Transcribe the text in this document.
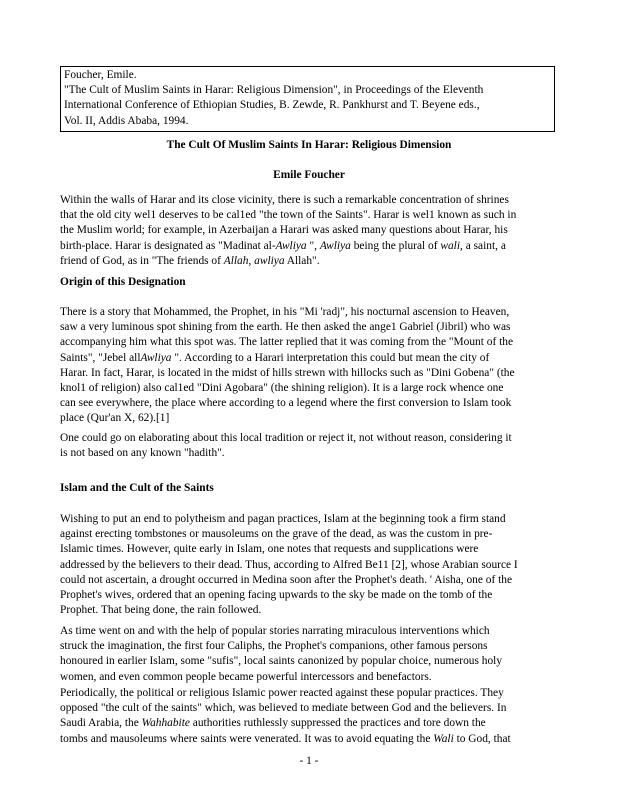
Foucher, Emile.
"The Cult of Muslim Saints in Harar: Religious Dimension", in Proceedings of the Eleventh
International Conference of Ethiopian Studies, B. Zewde, R. Pankhurst and T. Beyene eds.,
Vol. II, Addis Ababa, 1994.
The Cult Of Muslim Saints In Harar: Religious Dimension
Emile Foucher
Within the walls of Harar and its close vicinity, there is such a remarkable concentration of shrines
that the old city wel1 deserves to be cal1ed "the town of the Saints". Harar is wel1 known as such in
the Muslim world; for example, in Azerbaijan a Harari was asked many questions about Harar, his
birth-place. Harar is designated as "Madinat al-Awliya ", Awliya being the plural of wali, a saint, a
friend of God, as in "The friends of Allah, awliya Allah".
Origin of this Designation
There is a story that Mohammed, the Prophet, in his "Mi 'radj", his nocturnal ascension to Heaven,
saw a very luminous spot shining from the earth. He then asked the ange1 Gabriel (Jibril) who was
accompanying him what this spot was. The latter replied that it was coming from the "Mount of the
Saints", "Jebel allAwliya ". According to a Harari interpretation this could but mean the city of
Harar. In fact, Harar, is located in the midst of hills strewn with hillocks such as "Dini Gobena" (the
knol1 of religion) also cal1ed "Dini Agobara" (the shining religion). It is a large rock whence one
can see everywhere, the place where according to a legend where the first conversion to Islam took
place (Qur'an X, 62).[1]
One could go on elaborating about this local tradition or reject it, not without reason, considering it
is not based on any known "hadith".
Islam and the Cult of the Saints
Wishing to put an end to polytheism and pagan practices, Islam at the beginning took a firm stand
against erecting tombstones or mausoleums on the grave of the dead, as was the custom in pre-
Islamic times. However, quite early in Islam, one notes that requests and supplications were
addressed by the believers to their dead. Thus, according to Alfred Be11 [2], whose Arabian source I
could not ascertain, a drought occurred in Medina soon after the Prophet's death. ' Aisha, one of the
Prophet's wives, ordered that an opening facing upwards to the sky be made on the tomb of the
Prophet. That being done, the rain followed.
As time went on and with the help of popular stories narrating miraculous interventions which
struck the imagination, the first four Caliphs, the Prophet's companions, other famous persons
honoured in earlier Islam, some "sufis", local saints canonized by popular choice, numerous holy
women, and even common people became powerful intercessors and benefactors.
Periodically, the political or religious Islamic power reacted against these popular practices. They
opposed "the cult of the saints" which, was believed to mediate between God and the believers. In
Saudi Arabia, the Wahhabite authorities ruthlessly suppressed the practices and tore down the
tombs and mausoleums where saints were venerated. It was to avoid equating the Wali to God, that
- 1 -
